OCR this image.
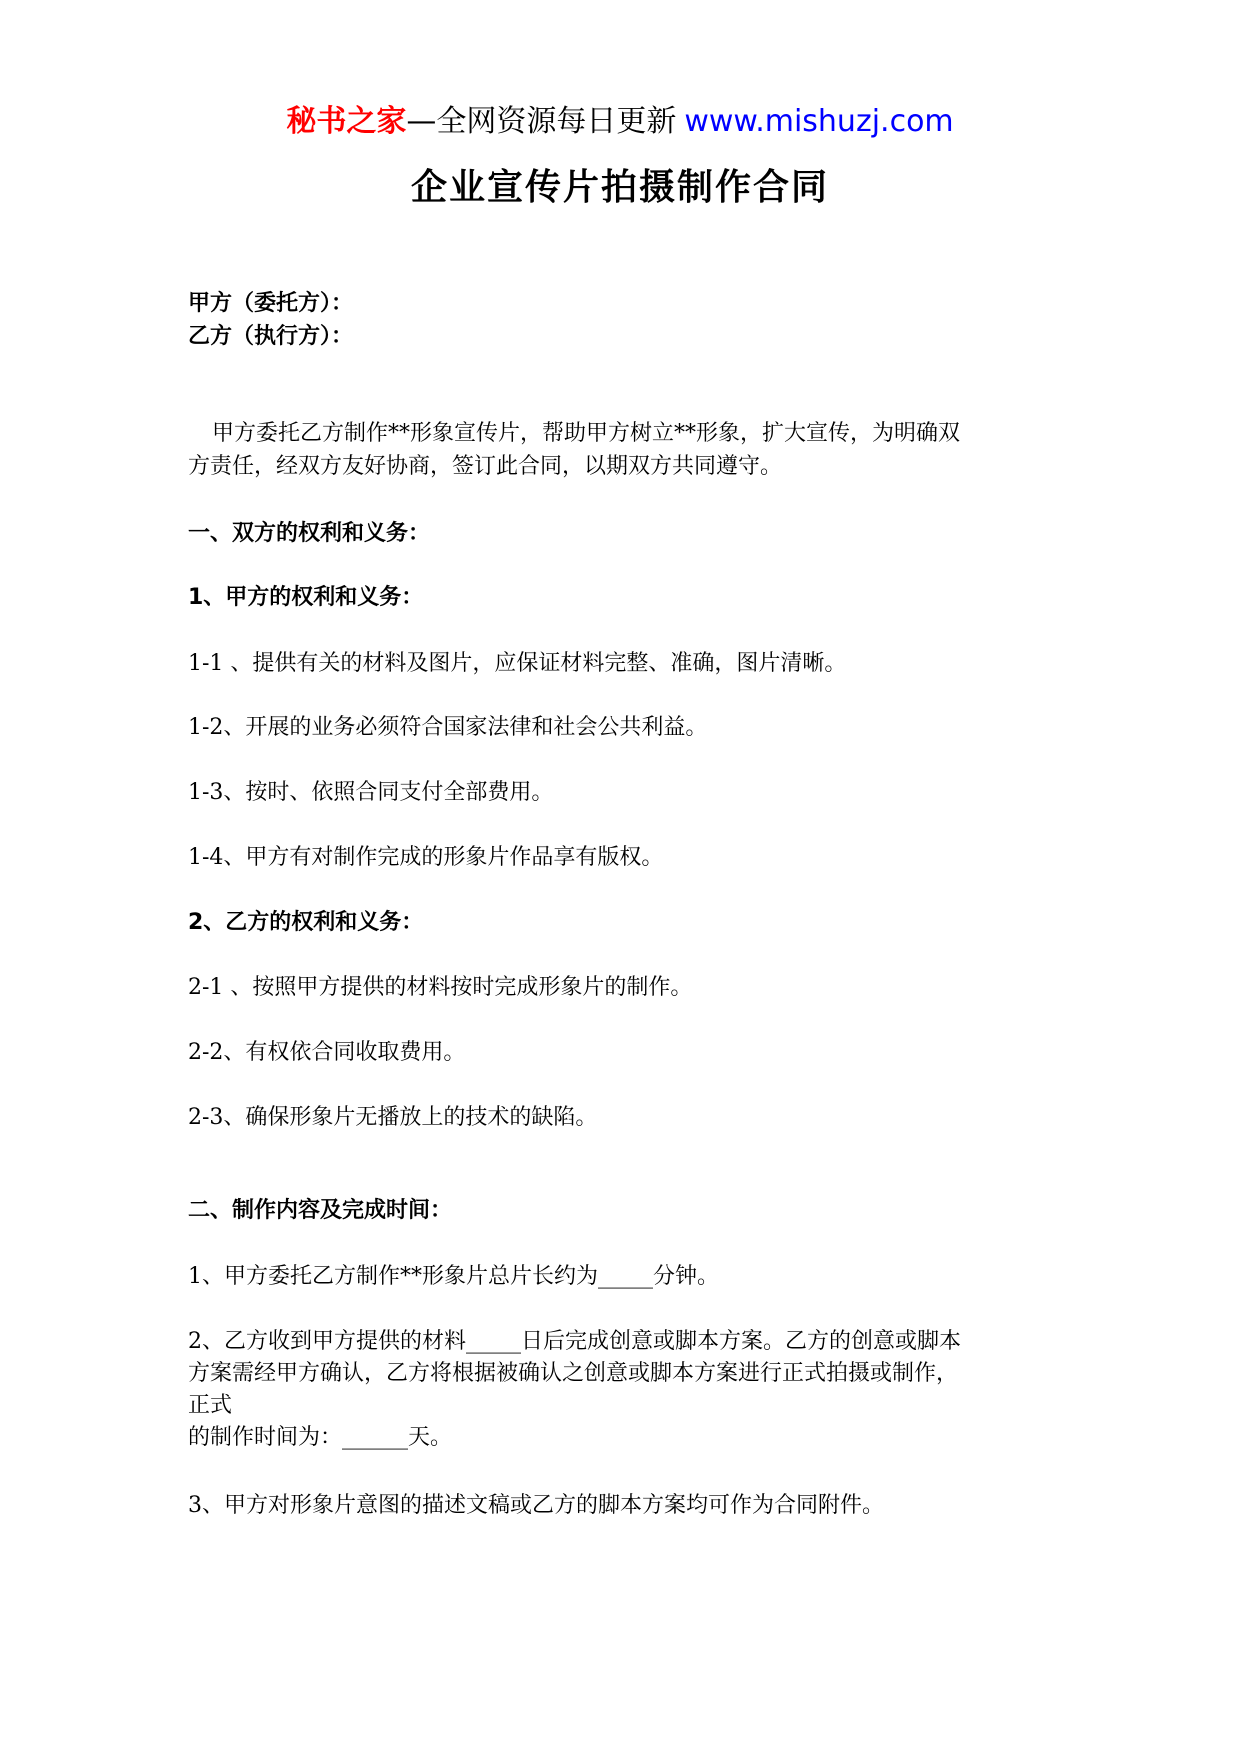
秘书之家—全网资源每日更新 www.mishuzj.com
企业宣传片拍摄制作合同
甲方（委托方）：
乙方（执行方）：
甲方委托乙方制作**形象宣传片，帮助甲方树立**形象，扩大宣传，为明确双
方责任，经双方友好协商，签订此合同，以期双方共同遵守。
一、双方的权利和义务：
1、甲方的权利和义务：
1-1 、提供有关的材料及图片，应保证材料完整、准确，图片清晰。
1-2、开展的业务必须符合国家法律和社会公共利益。
1-3、按时、依照合同支付全部费用。
1-4、甲方有对制作完成的形象片作品享有版权。
2、乙方的权利和义务：
2-1 、按照甲方提供的材料按时完成形象片的制作。
2-2、有权依合同收取费用。
2-3、确保形象片无播放上的技术的缺陷。
二、制作内容及完成时间：
1、甲方委托乙方制作**形象片总片长约为_____分钟。
2、乙方收到甲方提供的材料_____日后完成创意或脚本方案。乙方的创意或脚本
方案需经甲方确认，乙方将根据被确认之创意或脚本方案进行正式拍摄或制作，
正式
的制作时间为：______天。
3、甲方对形象片意图的描述文稿或乙方的脚本方案均可作为合同附件。
